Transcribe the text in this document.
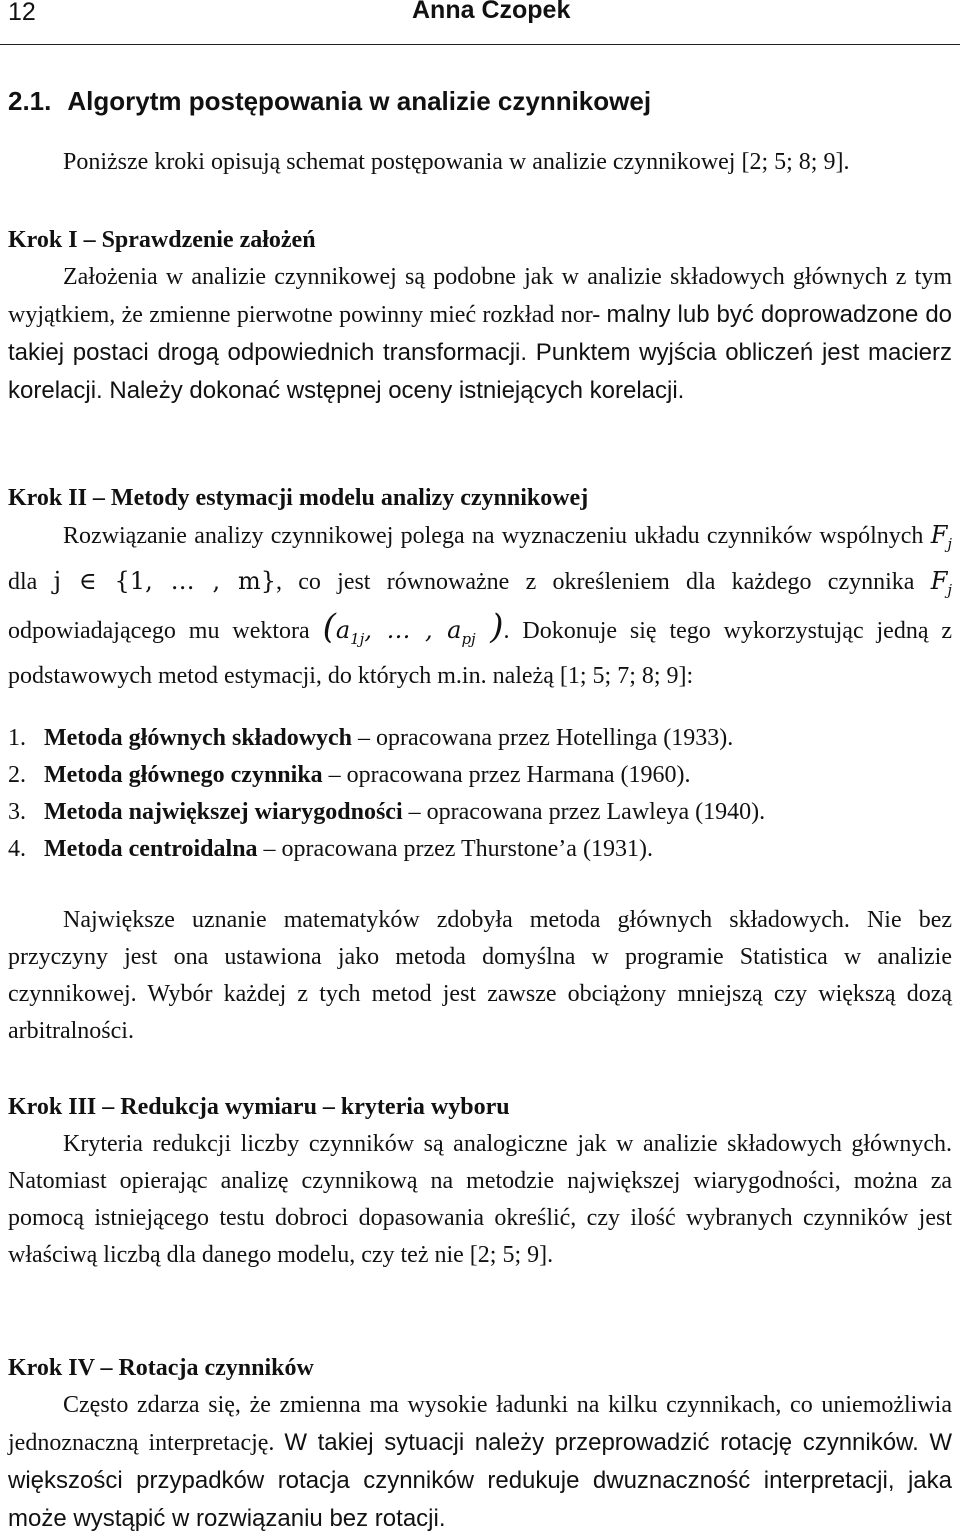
12	Anna Czopek
2.1. Algorytm postępowania w analizie czynnikowej

Poniższe kroki opisują schemat postępowania w analizie czynnikowej [2; 5; 8; 9].

Krok I – Sprawdzenie założeń
Założenia w analizie czynnikowej są podobne jak w analizie składowych głównych z tym wyjątkiem, że zmienne pierwotne powinny mieć rozkład nor- malny lub być doprowadzone do takiej postaci drogą odpowiednich transformacji. Punktem wyjścia obliczeń jest macierz korelacji. Należy dokonać wstępnej oceny istniejących korelacji.
Krok II – Metody estymacji modelu analizy czynnikowej
Rozwiązanie analizy czynnikowej polega na wyznaczeniu układu czynników wspólnych $F_j$ dla j ∈ {1, … , m}, co jest równoważne z określeniem dla każdego czynnika $F_j$ odpowiadającego mu wektora ($a_{1j}$, … , $a_{pj}$ ). Dokonuje się tego wykorzystując jedną z podstawowych metod estymacji, do których m.in. należą [1; 5; 7; 8; 9]:
1. Metoda głównych składowych – opracowana przez Hotellinga (1933).
2. Metoda głównego czynnika – opracowana przez Harmana (1960).
3. Metoda największej wiarygodności – opracowana przez Lawleya (1940).
4. Metoda centroidalna – opracowana przez Thurstone’a (1931).

Największe uznanie matematyków zdobyła metoda głównych składowych. Nie bez przyczyny jest ona ustawiona jako metoda domyślna w programie Statistica w analizie czynnikowej. Wybór każdej z tych metod jest zawsze obciążony mniejszą czy większą dozą arbitralności.

Krok III – Redukcja wymiaru – kryteria wyboru
Kryteria redukcji liczby czynników są analogiczne jak w analizie składowych głównych. Natomiast opierając analizę czynnikową na metodzie największej wiarygodności, można za pomocą istniejącego testu dobroci dopasowania określić, czy ilość wybranych czynników jest właściwą liczbą dla danego modelu, czy też nie [2; 5; 9].
Krok IV – Rotacja czynników
Często zdarza się, że zmienna ma wysokie ładunki na kilku czynnikach, co uniemożliwia jednoznaczną interpretację. W takiej sytuacji należy przeprowadzić rotację czynników. W większości przypadków rotacja czynników redukuje dwuznaczność interpretacji, jaka może wystąpić w rozwiązaniu bez rotacji.
